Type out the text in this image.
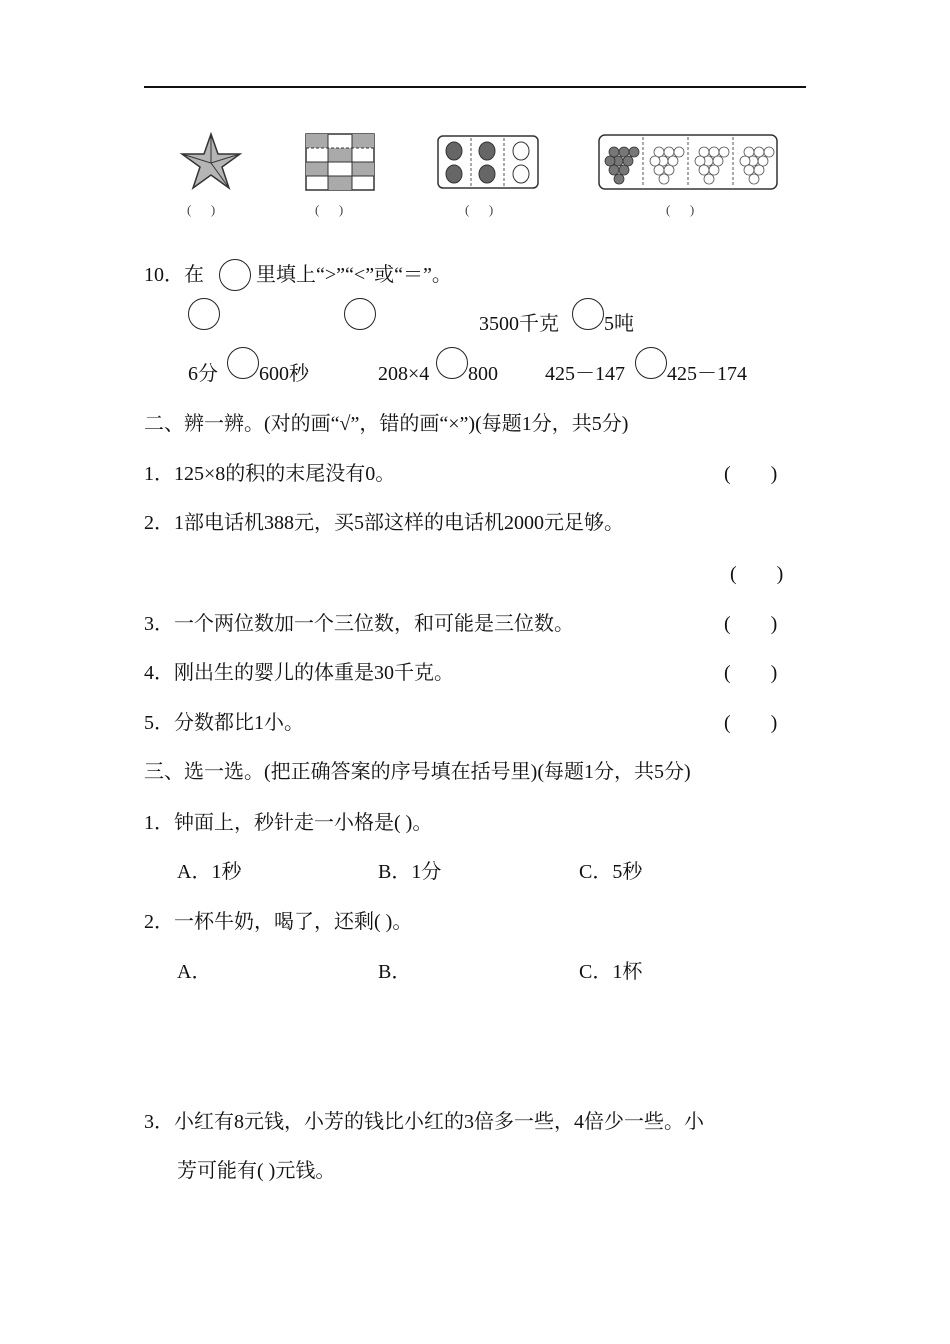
(      )	(      )	(      )	(      )
10．在	里填上“>”“<”或“＝”。
3500千克 5吨
6分 600秒	208×4 800 425－147 425－174
二、辨一辨。(对的画“√”，错的画“×”)(每题1分，共5分)
1．125×8的积的末尾没有0。	(        )
2．1部电话机388元，买5部这样的电话机2000元足够。
(        )
3．一个两位数加一个三位数，和可能是三位数。	(        )
4．刚出生的婴儿的体重是30千克。	(        )
5．分数都比1小。	(        )
三、选一选。(把正确答案的序号填在括号里)(每题1分，共5分)
1．钟面上，秒针走一小格是( )。
A．1秒	B．1分	C．5秒
2．一杯牛奶，喝了，还剩( )。
A．	B．	C．1杯
3．小红有8元钱，小芳的钱比小红的3倍多一些，4倍少一些。小
芳可能有( )元钱。
